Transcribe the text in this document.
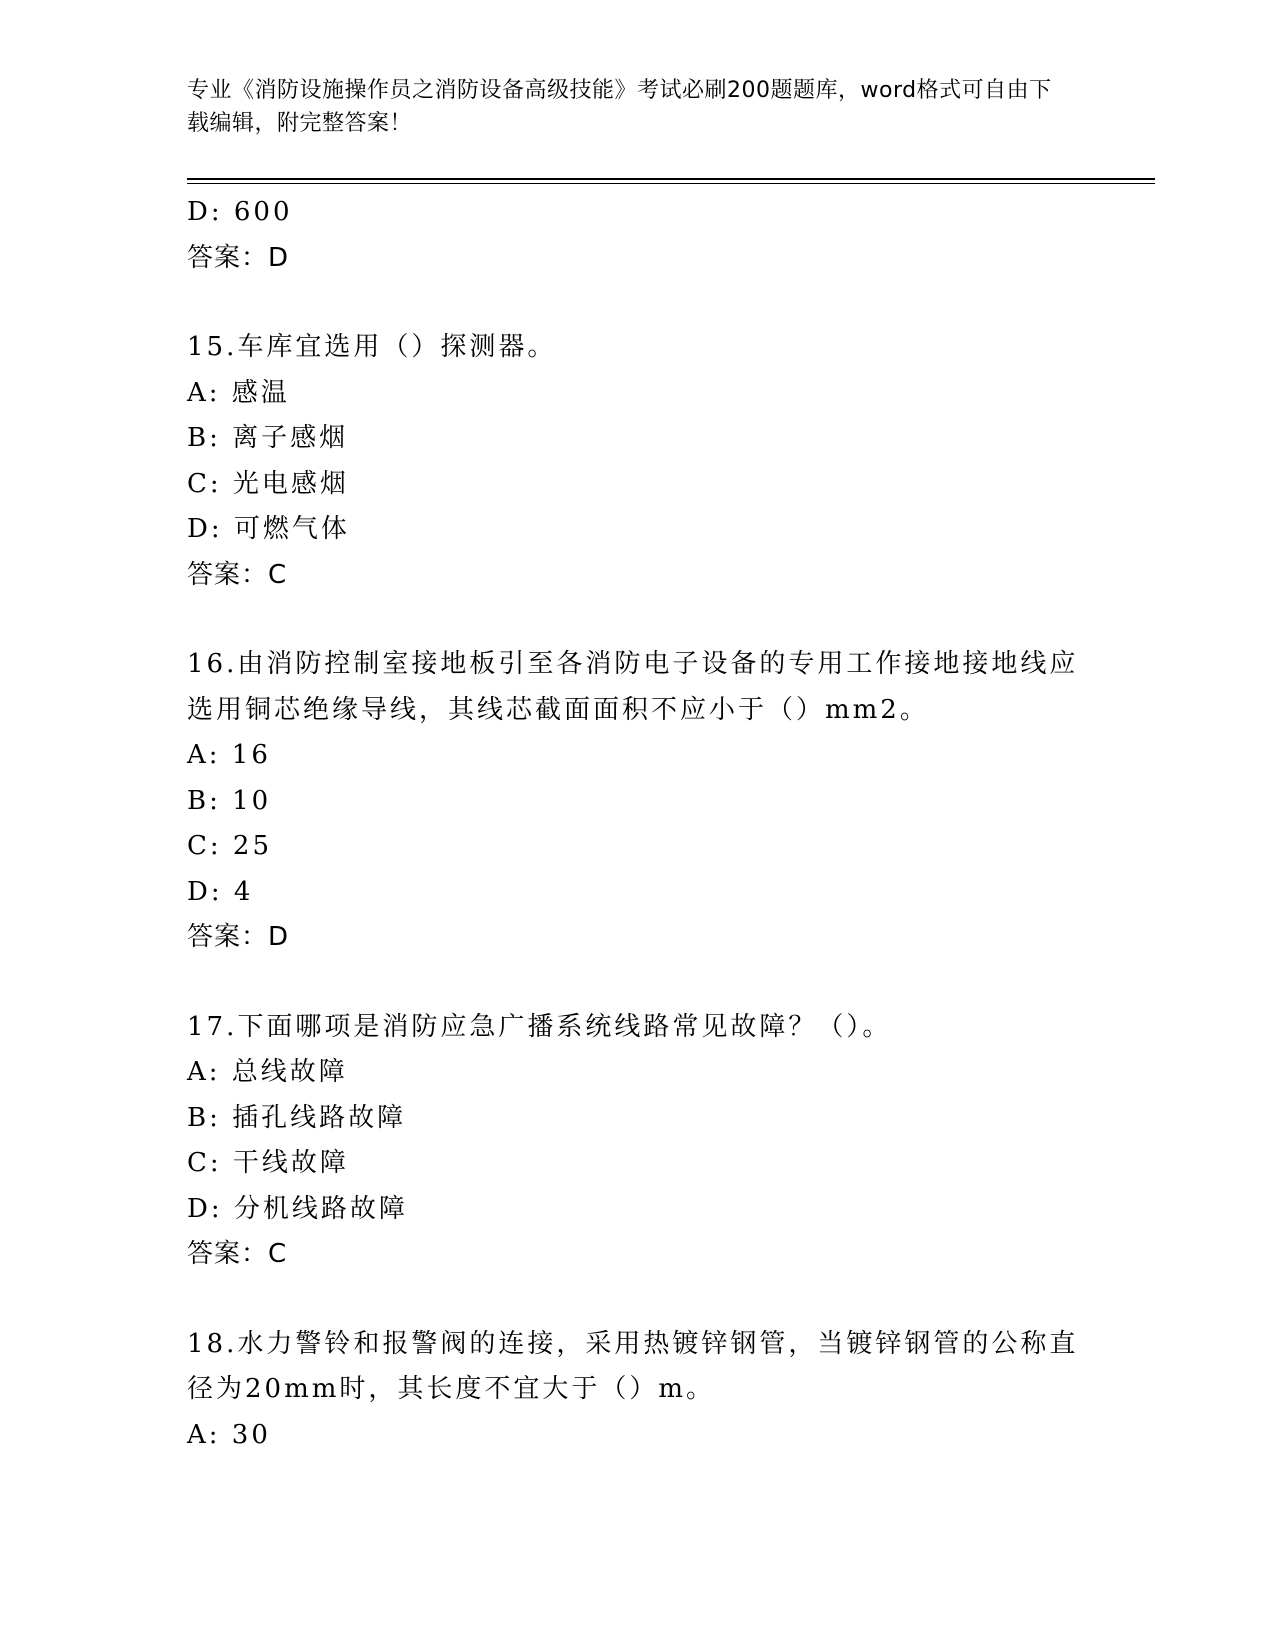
专业《消防设施操作员之消防设备高级技能》考试必刷200题题库，word格式可自由下载编辑，附完整答案！
D: 600
答案：D
15.车库宜选用（）探测器。
A: 感温
B: 离子感烟
C: 光电感烟
D: 可燃气体
答案：C
16.由消防控制室接地板引至各消防电子设备的专用工作接地接地线应选用铜芯绝缘导线，其线芯截面面积不应小于（）mm2。
A: 16
B: 10
C: 25
D: 4
答案：D
17.下面哪项是消防应急广播系统线路常见故障？（）。
A: 总线故障
B: 插孔线路故障
C: 干线故障
D: 分机线路故障
答案：C
18.水力警铃和报警阀的连接，采用热镀锌钢管，当镀锌钢管的公称直径为20mm时，其长度不宜大于（）m。
A: 30
